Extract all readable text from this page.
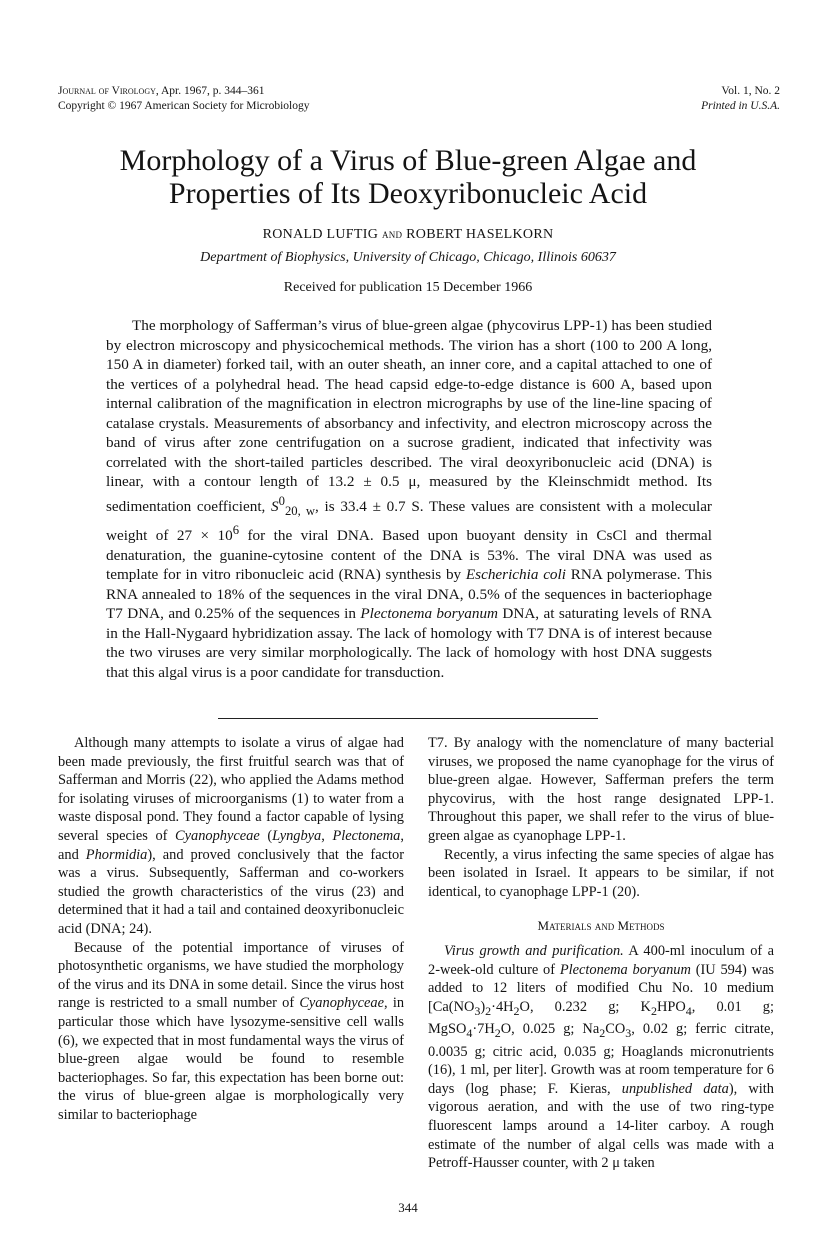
Journal of Virology, Apr. 1967, p. 344–361
Copyright © 1967 American Society for Microbiology
Vol. 1, No. 2
Printed in U.S.A.
Morphology of a Virus of Blue-green Algae and
Properties of Its Deoxyribonucleic Acid
RONALD LUFTIG and ROBERT HASELKORN
Department of Biophysics, University of Chicago, Chicago, Illinois 60637
Received for publication 15 December 1966

The morphology of Safferman’s virus of blue-green algae (phycovirus LPP-1) has been studied by electron microscopy and physicochemical methods. The virion has a short (100 to 200 A long, 150 A in diameter) forked tail, with an outer sheath, an inner core, and a capital attached to one of the vertices of a polyhedral head. The head capsid edge-to-edge distance is 600 A, based upon internal calibration of the magnification in electron micrographs by use of the line-line spacing of catalase crystals. Measurements of absorbancy and infectivity, and electron microscopy across the band of virus after zone centrifugation on a sucrose gradient, indicated that infectivity was correlated with the short-tailed particles described. The viral deoxyribonucleic acid (DNA) is linear, with a contour length of 13.2 ± 0.5 μ, measured by the Kleinschmidt method. Its sedimentation coefficient, $S^0_{20, w}$, is 33.4 ± 0.7 S. These values are consistent with a molecular weight of $27 \times 10^6$ for the viral DNA. Based upon buoyant density in CsCl and thermal denaturation, the guanine-cytosine content of the DNA is 53%. The viral DNA was used as template for in vitro ribonucleic acid (RNA) synthesis by Escherichia coli RNA polymerase. This RNA annealed to 18% of the sequences in the viral DNA, 0.5% of the sequences in bacteriophage T7 DNA, and 0.25% of the sequences in Plectonema boryanum DNA, at saturating levels of RNA in the Hall-Nygaard hybridization assay. The lack of homology with T7 DNA is of interest because the two viruses are very similar morphologically. The lack of homology with host DNA suggests that this algal virus is a poor candidate for transduction.

Although many attempts to isolate a virus of algae had been made previously, the first fruitful search was that of Safferman and Morris (22), who applied the Adams method for isolating viruses of microorganisms (1) to water from a waste disposal pond. They found a factor capable of lysing several species of Cyanophyceae (Lyngbya, Plectonema, and Phormidia), and proved conclusively that the factor was a virus. Subsequently, Safferman and co-workers studied the growth characteristics of the virus (23) and determined that it had a tail and contained deoxyribonucleic acid (DNA; 24).

Because of the potential importance of viruses of photosynthetic organisms, we have studied the morphology of the virus and its DNA in some detail. Since the virus host range is restricted to a small number of Cyanophyceae, in particular those which have lysozyme-sensitive cell walls (6), we expected that in most fundamental ways the virus of blue-green algae would be found to resemble bacteriophages. So far, this expectation has been borne out: the virus of blue-green algae is morphologically very similar to bacteriophage

T7. By analogy with the nomenclature of many bacterial viruses, we proposed the name cyanophage for the virus of blue-green algae. However, Safferman prefers the term phycovirus, with the host range designated LPP-1. Throughout this paper, we shall refer to the virus of blue-green algae as cyanophage LPP-1.

Recently, a virus infecting the same species of algae has been isolated in Israel. It appears to be similar, if not identical, to cyanophage LPP-1 (20).

Materials and Methods

Virus growth and purification. A 400-ml inoculum of a 2-week-old culture of Plectonema boryanum (IU 594) was added to 12 liters of modified Chu No. 10 medium [$Ca(NO_3)_2\cdot 4H_2O$, 0.232 g; $K_2HPO_4$, 0.01 g; $MgSO_4\cdot 7H_2O$, 0.025 g; $Na_2CO_3$, 0.02 g; ferric citrate, 0.0035 g; citric acid, 0.035 g; Hoaglands micronutrients (16), 1 ml, per liter]. Growth was at room temperature for 6 days (log phase; F. Kieras, unpublished data), with vigorous aeration, and with the use of two ring-type fluorescent lamps around a 14-liter carboy. A rough estimate of the number of algal cells was made with a Petroff-Hausser counter, with 2 μ taken

344
